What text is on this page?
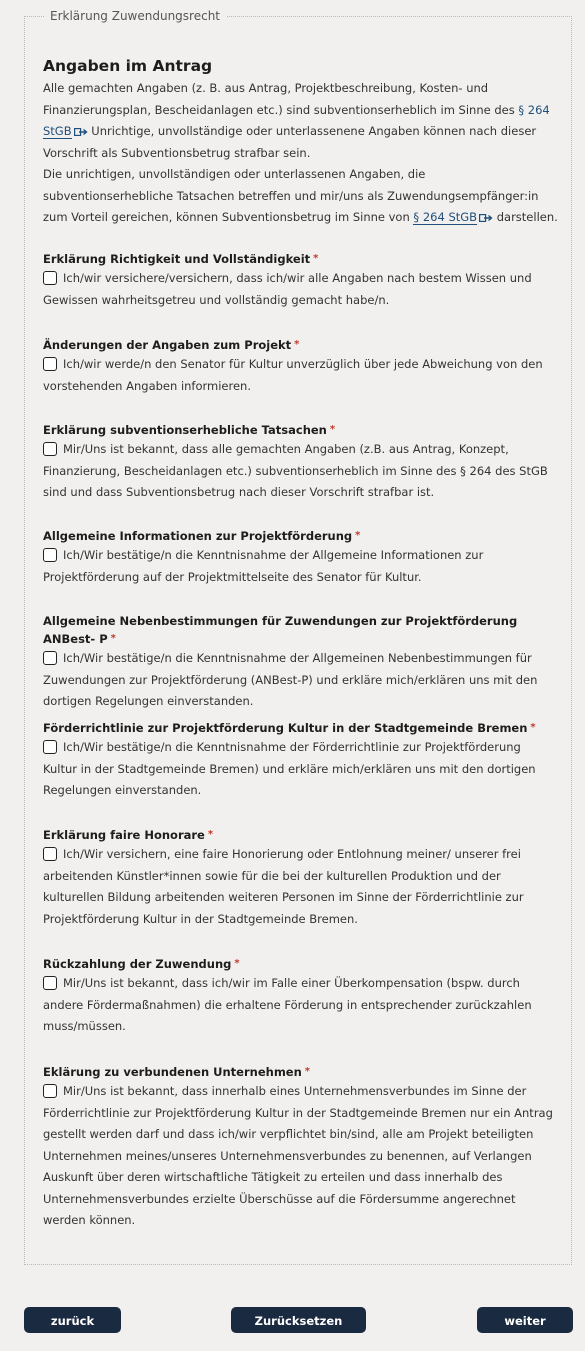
Erklärung Zuwendungsrecht
Angaben im Antrag

Alle gemachten Angaben (z. B. aus Antrag, Projektbeschreibung, Kosten- und Finanzierungsplan, Bescheidanlagen etc.) sind subventionserheblich im Sinne des § 264
StGB Unrichtige, unvollständige oder unterlassenene Angaben können nach dieser Vorschrift als Subventionsbetrug strafbar sein.
Die unrichtigen, unvollständigen oder unterlassenen Angaben, die subventionserhebliche Tatsachen betreffen und mir/uns als Zuwendungsempfänger:in zum Vorteil gereichen, können Subventionsbetrug im Sinne von § 264 StGB darstellen.

Erklärung Richtigkeit und Vollständigkeit *
Ich/wir versichere/versichern, dass ich/wir alle Angaben nach bestem Wissen und Gewissen wahrheitsgetreu und vollständig gemacht habe/n.
Änderungen der Angaben zum Projekt *
Ich/wir werde/n den Senator für Kultur unverzüglich über jede Abweichung von den vorstehenden Angaben informieren.
Erklärung subventionserhebliche Tatsachen *
Mir/Uns ist bekannt, dass alle gemachten Angaben (z.B. aus Antrag, Konzept, Finanzierung, Bescheidanlagen etc.) subventionserheblich im Sinne des § 264 des StGB sind und dass Subventionsbetrug nach dieser Vorschrift strafbar ist.
Allgemeine Informationen zur Projektförderung *
Ich/Wir bestätige/n die Kenntnisnahme der Allgemeine Informationen zur Projektförderung auf der Projektmittelseite des Senator für Kultur.
Allgemeine Nebenbestimmungen für Zuwendungen zur Projektförderung ANBest- P *
Ich/Wir bestätige/n die Kenntnisnahme der Allgemeinen Nebenbestimmungen für Zuwendungen zur Projektförderung (ANBest-P) und erkläre mich/erklären uns mit den dortigen Regelungen einverstanden.
Förderrichtlinie zur Projektförderung Kultur in der Stadtgemeinde Bremen *
Ich/Wir bestätige/n die Kenntnisnahme der Förderrichtlinie zur Projektförderung Kultur in der Stadtgemeinde Bremen) und erkläre mich/erklären uns mit den dortigen Regelungen einverstanden.
Erklärung faire Honorare *
Ich/Wir versichern, eine faire Honorierung oder Entlohnung meiner/ unserer frei arbeitenden Künstler*innen sowie für die bei der kulturellen Produktion und der kulturellen Bildung arbeitenden weiteren Personen im Sinne der Förderrichtlinie zur Projektförderung Kultur in der Stadtgemeinde Bremen.
Rückzahlung der Zuwendung *
Mir/Uns ist bekannt, dass ich/wir im Falle einer Überkompensation (bspw. durch andere Fördermaßnahmen) die erhaltene Förderung in entsprechender zurückzahlen muss/müssen.
Eklärung zu verbundenen Unternehmen *
Mir/Uns ist bekannt, dass innerhalb eines Unternehmensverbundes im Sinne der Förderrichtlinie zur Projektförderung Kultur in der Stadtgemeinde Bremen nur ein Antrag gestellt werden darf und dass ich/wir verpflichtet bin/sind, alle am Projekt beteiligten Unternehmen meines/unseres Unternehmensverbundes zu benennen, auf Verlangen Auskunft über deren wirtschaftliche Tätigkeit zu erteilen und dass innerhalb des Unternehmensverbundes erzielte Überschüsse auf die Fördersumme angerechnet werden können.
zurück	Zurücksetzen	weiter
